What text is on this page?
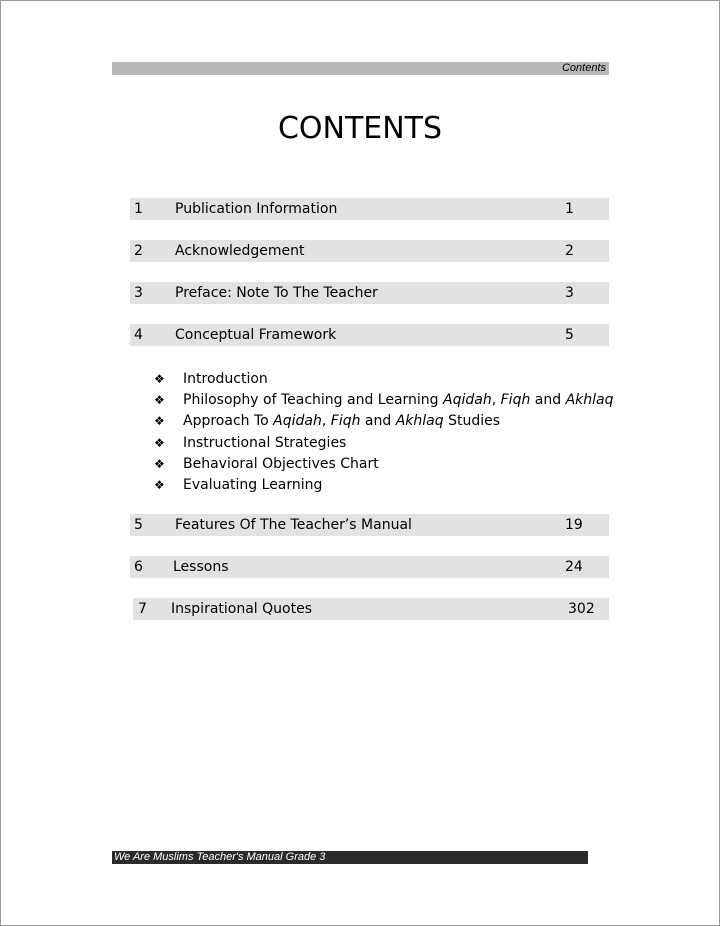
Contents
CONTENTS
1 Publication Information	1
2 Acknowledgement	2
3 Preface: Note To The Teacher	3
4 Conceptual Framework	5
❖ Introduction
❖ Philosophy of Teaching and Learning Aqidah, Fiqh and Akhlaq
❖ Approach To Aqidah, Fiqh and Akhlaq Studies
❖ Instructional Strategies
❖ Behavioral Objectives Chart
❖ Evaluating Learning
5 Features Of The Teacher’s Manual	19
6 Lessons	24
7 Inspirational Quotes	302
We Are Muslims Teacher's Manual Grade 3
